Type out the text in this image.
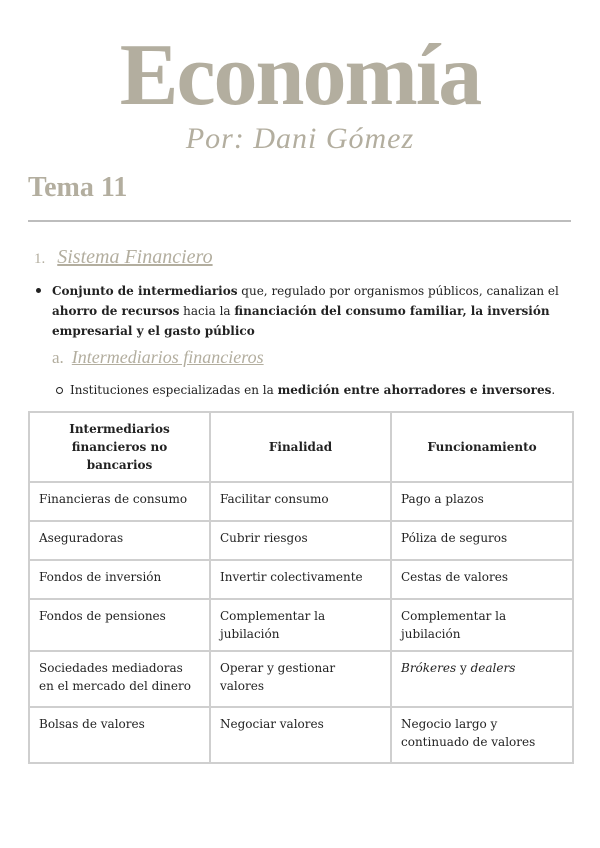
Economía
Por: Dani Gómez
Tema 11
1. Sistema Financiero
Conjunto de intermediarios que, regulado por organismos públicos, canalizan el ahorro de recursos hacia la financiación del consumo familiar, la inversión empresarial y el gasto público
a. Intermediarios financieros
Instituciones especializadas en la medición entre ahorradores e inversores.
Intermediarios financieros no bancarios	Finalidad	Funcionamiento
Financieras de consumo	Facilitar consumo	Pago a plazos
Aseguradoras	Cubrir riesgos	Póliza de seguros
Fondos de inversión	Invertir colectivamente	Cestas de valores
Fondos de pensiones	Complementar la jubilación	Complementar la jubilación
Sociedades mediadoras en el mercado del dinero	Operar y gestionar valores	Brókeres y dealers
Bolsas de valores	Negociar valores	Negocio largo y continuado de valores
